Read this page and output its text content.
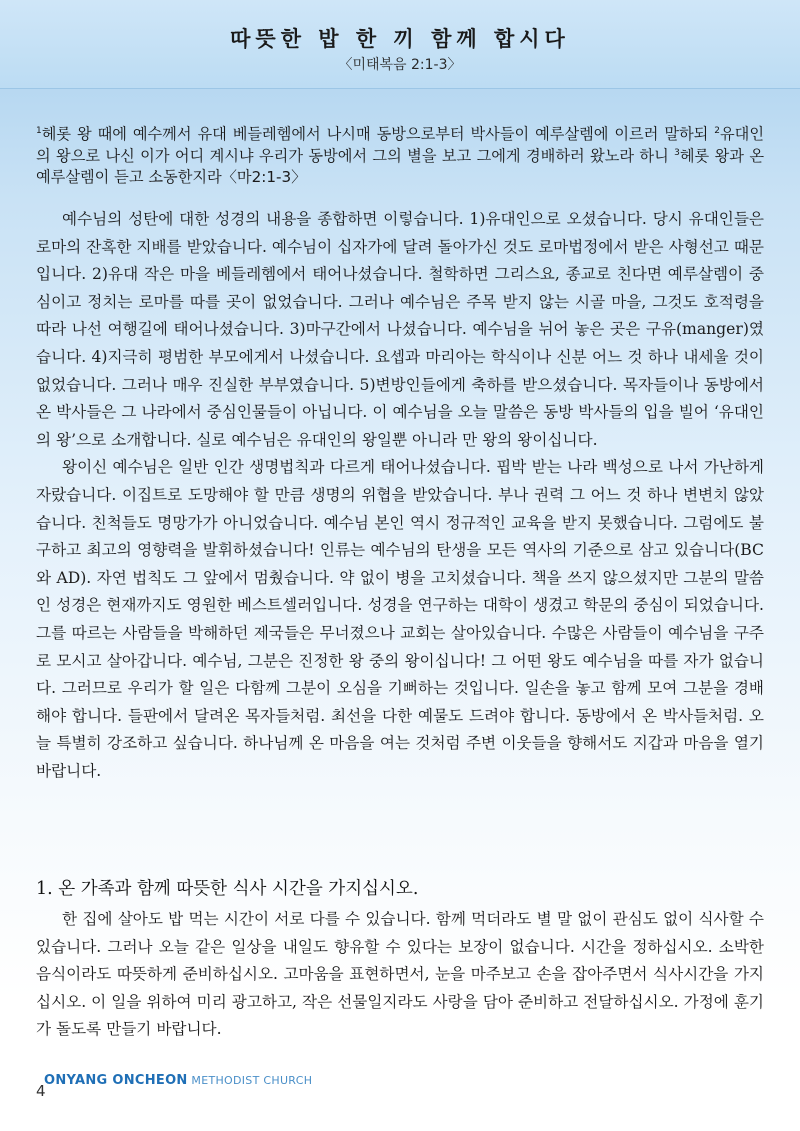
따뜻한 밥 한 끼 함께 합시다
〈미태복음 2:1-3〉
$^1$헤롯 왕 때에 예수께서 유대 베들레헴에서 나시매 동방으로부터 박사들이 예루살렘에 이르러 말하되 $^2$유대인의 왕으로 나신 이가 어디 계시냐 우리가 동방에서 그의 별을 보고 그에게 경배하러 왔노라 하니 $^3$헤롯 왕과 온 예루살렘이 듣고 소동한지라〈마2:1-3〉

예수님의 성탄에 대한 성경의 내용을 종합하면 이렇습니다. 1)유대인으로 오셨습니다. 당시 유대인들은 로마의 잔혹한 지배를 받았습니다. 예수님이 십자가에 달려 돌아가신 것도 로마법정에서 받은 사형선고 때문입니다. 2)유대 작은 마을 베들레헴에서 태어나셨습니다. 철학하면 그리스요, 종교로 친다면 예루살렘이 중심이고 정치는 로마를 따를 곳이 없었습니다. 그러나 예수님은 주목 받지 않는 시골 마을, 그것도 호적령을 따라 나선 여행길에 태어나셨습니다. 3)마구간에서 나셨습니다. 예수님을 뉘어 놓은 곳은 구유(manger)였습니다. 4)지극히 평범한 부모에게서 나셨습니다. 요셉과 마리아는 학식이나 신분 어느 것 하나 내세울 것이 없었습니다. 그러나 매우 진실한 부부였습니다. 5)변방인들에게 축하를 받으셨습니다. 목자들이나 동방에서 온 박사들은 그 나라에서 중심인물들이 아닙니다. 이 예수님을 오늘 말씀은 동방 박사들의 입을 빌어 ‘유대인의 왕’으로 소개합니다. 실로 예수님은 유대인의 왕일뿐 아니라 만 왕의 왕이십니다.

왕이신 예수님은 일반 인간 생명법칙과 다르게 태어나셨습니다. 핍박 받는 나라 백성으로 나서 가난하게 자랐습니다. 이집트로 도망해야 할 만큼 생명의 위협을 받았습니다. 부나 권력 그 어느 것 하나 변변치 않았습니다. 친척들도 명망가가 아니었습니다. 예수님 본인 역시 정규적인 교육을 받지 못했습니다. 그럼에도 불구하고 최고의 영향력을 발휘하셨습니다! 인류는 예수님의 탄생을 모든 역사의 기준으로 삼고 있습니다(BC와 AD). 자연 법칙도 그 앞에서 멈췄습니다. 약 없이 병을 고치셨습니다. 책을 쓰지 않으셨지만 그분의 말씀인 성경은 현재까지도 영원한 베스트셀러입니다. 성경을 연구하는 대학이 생겼고 학문의 중심이 되었습니다. 그를 따르는 사람들을 박해하던 제국들은 무너졌으나 교회는 살아있습니다. 수많은 사람들이 예수님을 구주로 모시고 살아갑니다. 예수님, 그분은 진정한 왕 중의 왕이십니다! 그 어떤 왕도 예수님을 따를 자가 없습니다. 그러므로 우리가 할 일은 다함께 그분이 오심을 기뻐하는 것입니다. 일손을 놓고 함께 모여 그분을 경배해야 합니다. 들판에서 달려온 목자들처럼. 최선을 다한 예물도 드려야 합니다. 동방에서 온 박사들처럼. 오늘 특별히 강조하고 싶습니다. 하나님께 온 마음을 여는 것처럼 주변 이웃들을 향해서도 지갑과 마음을 열기 바랍니다.

1. 온 가족과 함께 따뜻한 식사 시간을 가지십시오.

한 집에 살아도 밥 먹는 시간이 서로 다를 수 있습니다. 함께 먹더라도 별 말 없이 관심도 없이 식사할 수 있습니다. 그러나 오늘 같은 일상을 내일도 향유할 수 있다는 보장이 없습니다. 시간을 정하십시오. 소박한 음식이라도 따뜻하게 준비하십시오. 고마움을 표현하면서, 눈을 마주보고 손을 잡아주면서 식사시간을 가지십시오. 이 일을 위하여 미리 광고하고, 작은 선물일지라도 사랑을 담아 준비하고 전달하십시오. 가정에 훈기가 돌도록 만들기 바랍니다.

ONYANG ONCHEON METHODIST CHURCH
4
